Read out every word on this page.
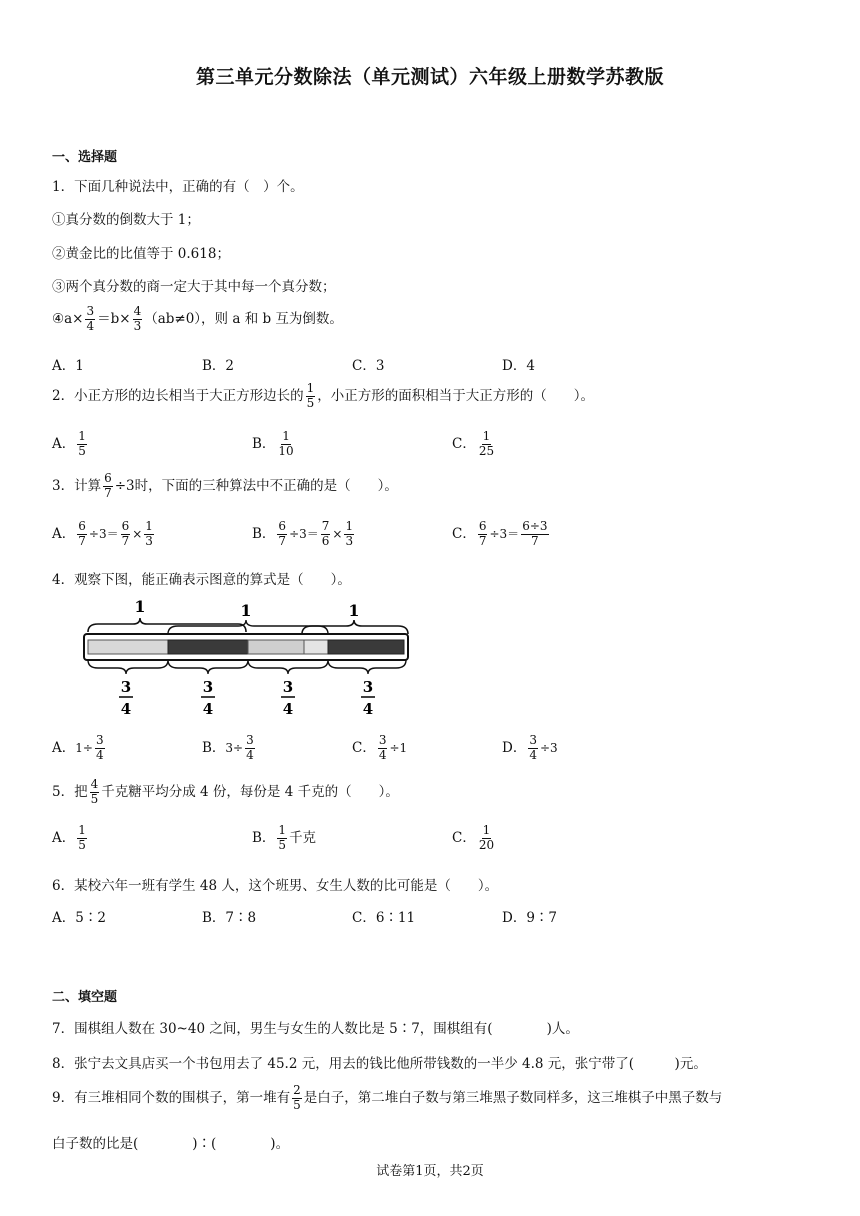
第三单元分数除法（单元测试）六年级上册数学苏教版
一、选择题
1．下面几种说法中，正确的有（　）个。
①真分数的倒数大于 1；
②黄金比的比值等于 0.618；
③两个真分数的商一定大于其中每一个真分数；
④a× $\frac{3}{4} =b\times \frac{4}{3} (ab\ne 0)$，则 a 和 b 互为倒数。
A．1	B．2	C．3	D．4
2．小正方形的边长相当于大正方形边长的 $\frac{1}{5}$ ，小正方形的面积相当于大正方形的（　　）。
A． $\frac{1}{5}$	B． $\frac{1}{10}$	C． $\frac{1}{25}$
3．计算 $\frac{6}{7} \div 3$时，下面的三种算法中不正确的是（　　）。
A． $\frac{6}{7} \div 3= \frac{6}{7} \times \frac{1}{3}$	B． $\frac{6}{7} \div 3= \frac{7}{6} \times \frac{1}{3}$	C． $\frac{6}{7} \div 3= \frac{6\div 3}{7}$
4．观察下图，能正确表示图意的算式是（　　）。
1	1	1
3
4
3
4
3
4
3
4
A．$1\div \frac{3}{4}$	B．$3\div \frac{3}{4}$	C． $\frac{3}{4} \div 1$	D． $\frac{3}{4} \div 3$
5．把 $\frac{4}{5}$ 千克糖平均分成 4 份，每份是 4 千克的（　　）。
A． $\frac{1}{5}$	B． $\frac{1}{5}$ 千克	C． $\frac{1}{20}$
6．某校六年一班有学生 48 人，这个班男、女生人数的比可能是（　　）。
A．5∶2	B．7∶8	C．6∶11	D．9∶7
二、填空题
7．围棋组人数在 30~40 之间，男生与女生的人数比是 5∶7，围棋组有(　　　　)人。
8．张宁去文具店买一个书包用去了 45.2 元，用去的钱比他所带钱数的一半少 4.8 元，张宁带了(　　　)元。
9．有三堆相同个数的围棋子，第一堆有 $\frac{2}{5}$ 是白子，第二堆白子数与第三堆黑子数同样多，这三堆棋子中黑子数与
白子数的比是(　　　　)∶(　　　　)。
试卷第1页，共2页
